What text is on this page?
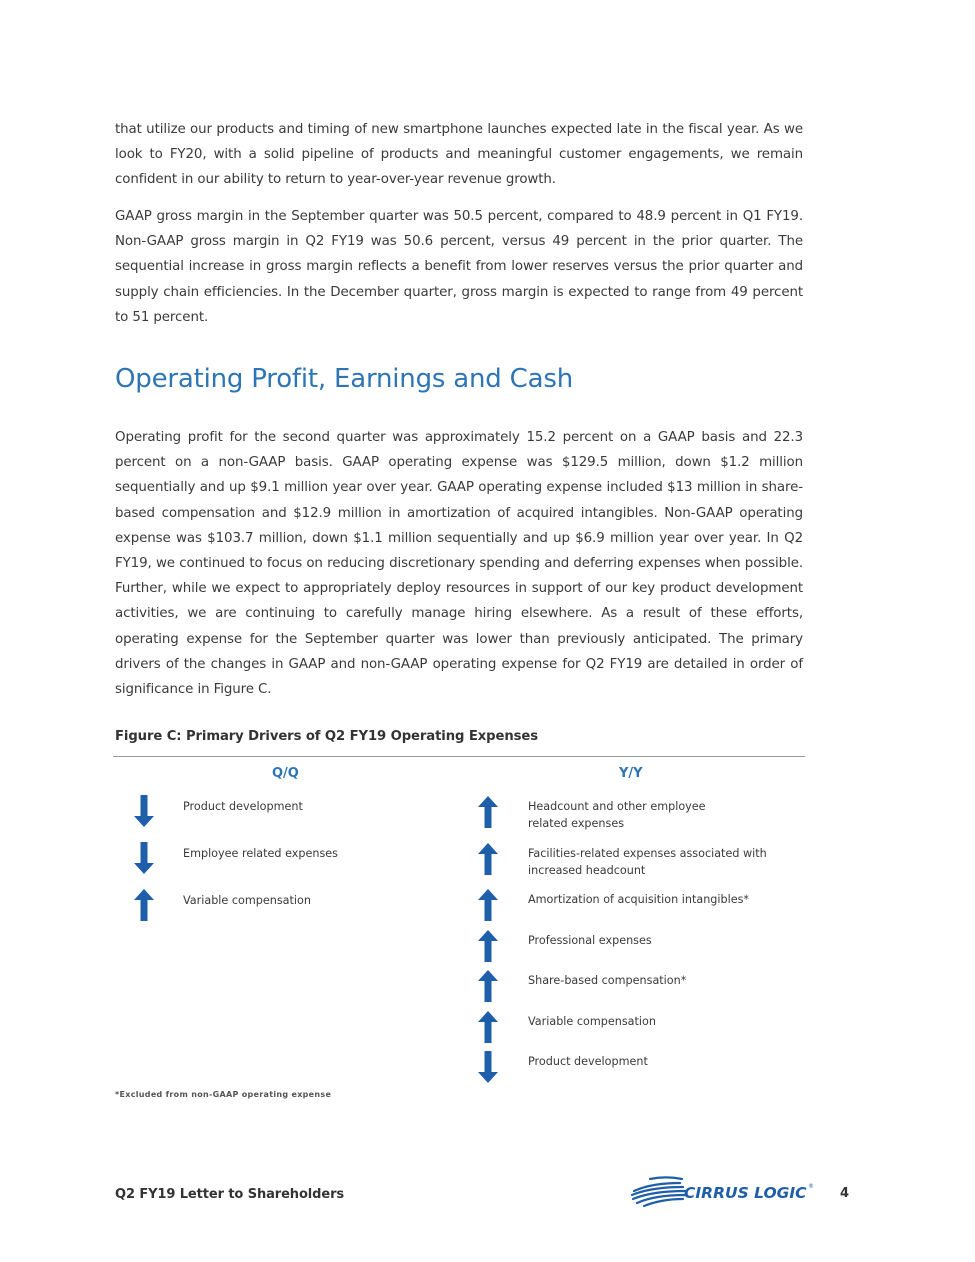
that utilize our products and timing of new smartphone launches expected late in the fiscal year. As we look to FY20, with a solid pipeline of products and meaningful customer engagements, we remain confident in our ability to return to year-over-year revenue growth.

GAAP gross margin in the September quarter was 50.5 percent, compared to 48.9 percent in Q1 FY19. Non-GAAP gross margin in Q2 FY19 was 50.6 percent, versus 49 percent in the prior quarter. The sequential increase in gross margin reflects a benefit from lower reserves versus the prior quarter and supply chain efficiencies. In the December quarter, gross margin is expected to range from 49 percent to 51 percent.

Operating Profit, Earnings and Cash

Operating profit for the second quarter was approximately 15.2 percent on a GAAP basis and 22.3 percent on a non-GAAP basis. GAAP operating expense was $129.5 million, down $1.2 million sequentially and up $9.1 million year over year. GAAP operating expense included $13 million in share-based compensation and $12.9 million in amortization of acquired intangibles. Non-GAAP operating expense was $103.7 million, down $1.1 million sequentially and up $6.9 million year over year. In Q2 FY19, we continued to focus on reducing discretionary spending and deferring expenses when possible. Further, while we expect to appropriately deploy resources in support of our key product development activities, we are continuing to carefully manage hiring elsewhere. As a result of these efforts, operating expense for the September quarter was lower than previously anticipated. The primary drivers of the changes in GAAP and non-GAAP operating expense for Q2 FY19 are detailed in order of significance in Figure C.

Figure C: Primary Drivers of Q2 FY19 Operating Expenses
Q/Q	Y/Y
Product development
Employee related expenses
Variable compensation
Headcount and other employee related expenses
Facilities-related expenses associated with increased headcount
Amortization of acquisition intangibles*
Professional expenses
Share-based compensation*
Variable compensation
Product development
*Excluded from non-GAAP operating expense
Q2 FY19 Letter to Shareholders	CIRRUS LOGIC ® 4
